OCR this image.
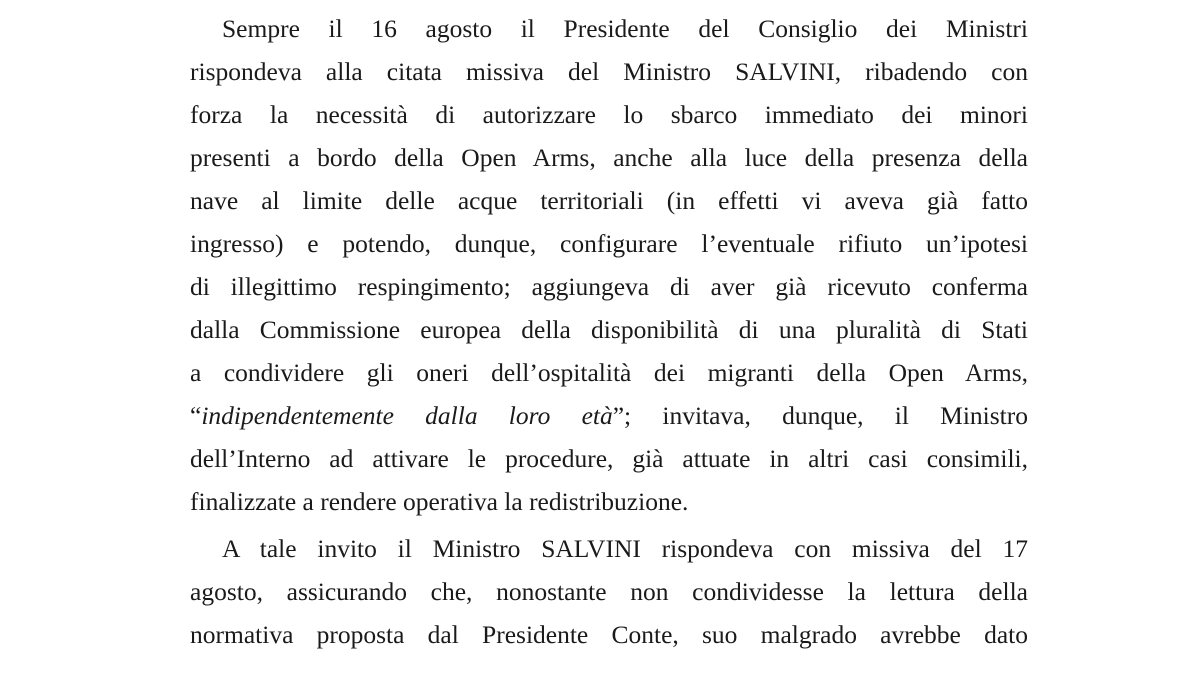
Sempre il 16 agosto il Presidente del Consiglio dei Ministri
rispondeva alla citata missiva del Ministro SALVINI, ribadendo con
forza la necessità di autorizzare lo sbarco immediato dei minori
presenti a bordo della Open Arms, anche alla luce della presenza della
nave al limite delle acque territoriali (in effetti vi aveva già fatto
ingresso) e potendo, dunque, configurare l’eventuale rifiuto un’ipotesi
di illegittimo respingimento; aggiungeva di aver già ricevuto conferma
dalla Commissione europea della disponibilità di una pluralità di Stati
a condividere gli oneri dell’ospitalità dei migranti della Open Arms,
“indipendentemente dalla loro età”; invitava, dunque, il Ministro
dell’Interno ad attivare le procedure, già attuate in altri casi consimili,
finalizzate a rendere operativa la redistribuzione.
A tale invito il Ministro SALVINI rispondeva con missiva del 17
agosto, assicurando che, nonostante non condividesse la lettura della
normativa proposta dal Presidente Conte, suo malgrado avrebbe dato
